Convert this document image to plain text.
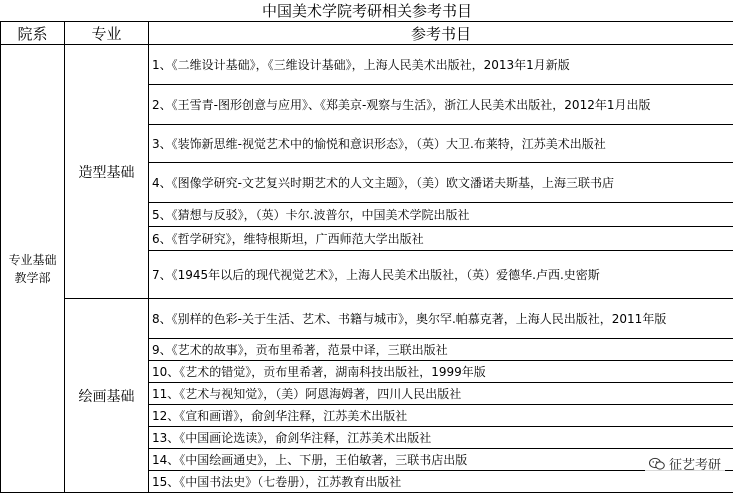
中国美术学院考研相关参考书目		
院系	专业	参考书目
专业基础教学部	造型基础	1、《二维设计基础》，《三维设计基础》，上海人民美术出版社，2013年1月新版
		2、《王雪青-图形创意与应用》、《郑美京-观察与生活》，浙江人民美术出版社，2012年1月出版
		3、《装饰新思维-视觉艺术中的愉悦和意识形态》，（英）大卫.布莱特，江苏美术出版社
		4、《图像学研究-文艺复兴时期艺术的人文主题》，（美）欧文潘诺夫斯基，上海三联书店
		5、《猜想与反驳》，（英）卡尔.波普尔，中国美术学院出版社
		6、《哲学研究》，维特根斯坦，广西师范大学出版社
		7、《1945年以后的现代视觉艺术》，上海人民美术出版社，（英）爱德华.卢西.史密斯
	绘画基础	8、《别样的色彩-关于生活、艺术、书籍与城市》，奥尔罕.帕慕克著，上海人民出版社，2011年版
		9、《艺术的故事》，贡布里希著，范景中译，三联出版社
		10、《艺术的错觉》，贡布里希著，湖南科技出版社，1999年版
		11、《艺术与视知觉》，（美）阿恩海姆著，四川人民出版社
		12、《宣和画谱》，俞剑华注释，江苏美术出版社
		13、《中国画论选读》，俞剑华注释，江苏美术出版社
		14、《中国绘画通史》，上、下册，王伯敏著，三联书店出版
		15、《中国书法史》（七卷册），江苏教育出版社
征艺考研
